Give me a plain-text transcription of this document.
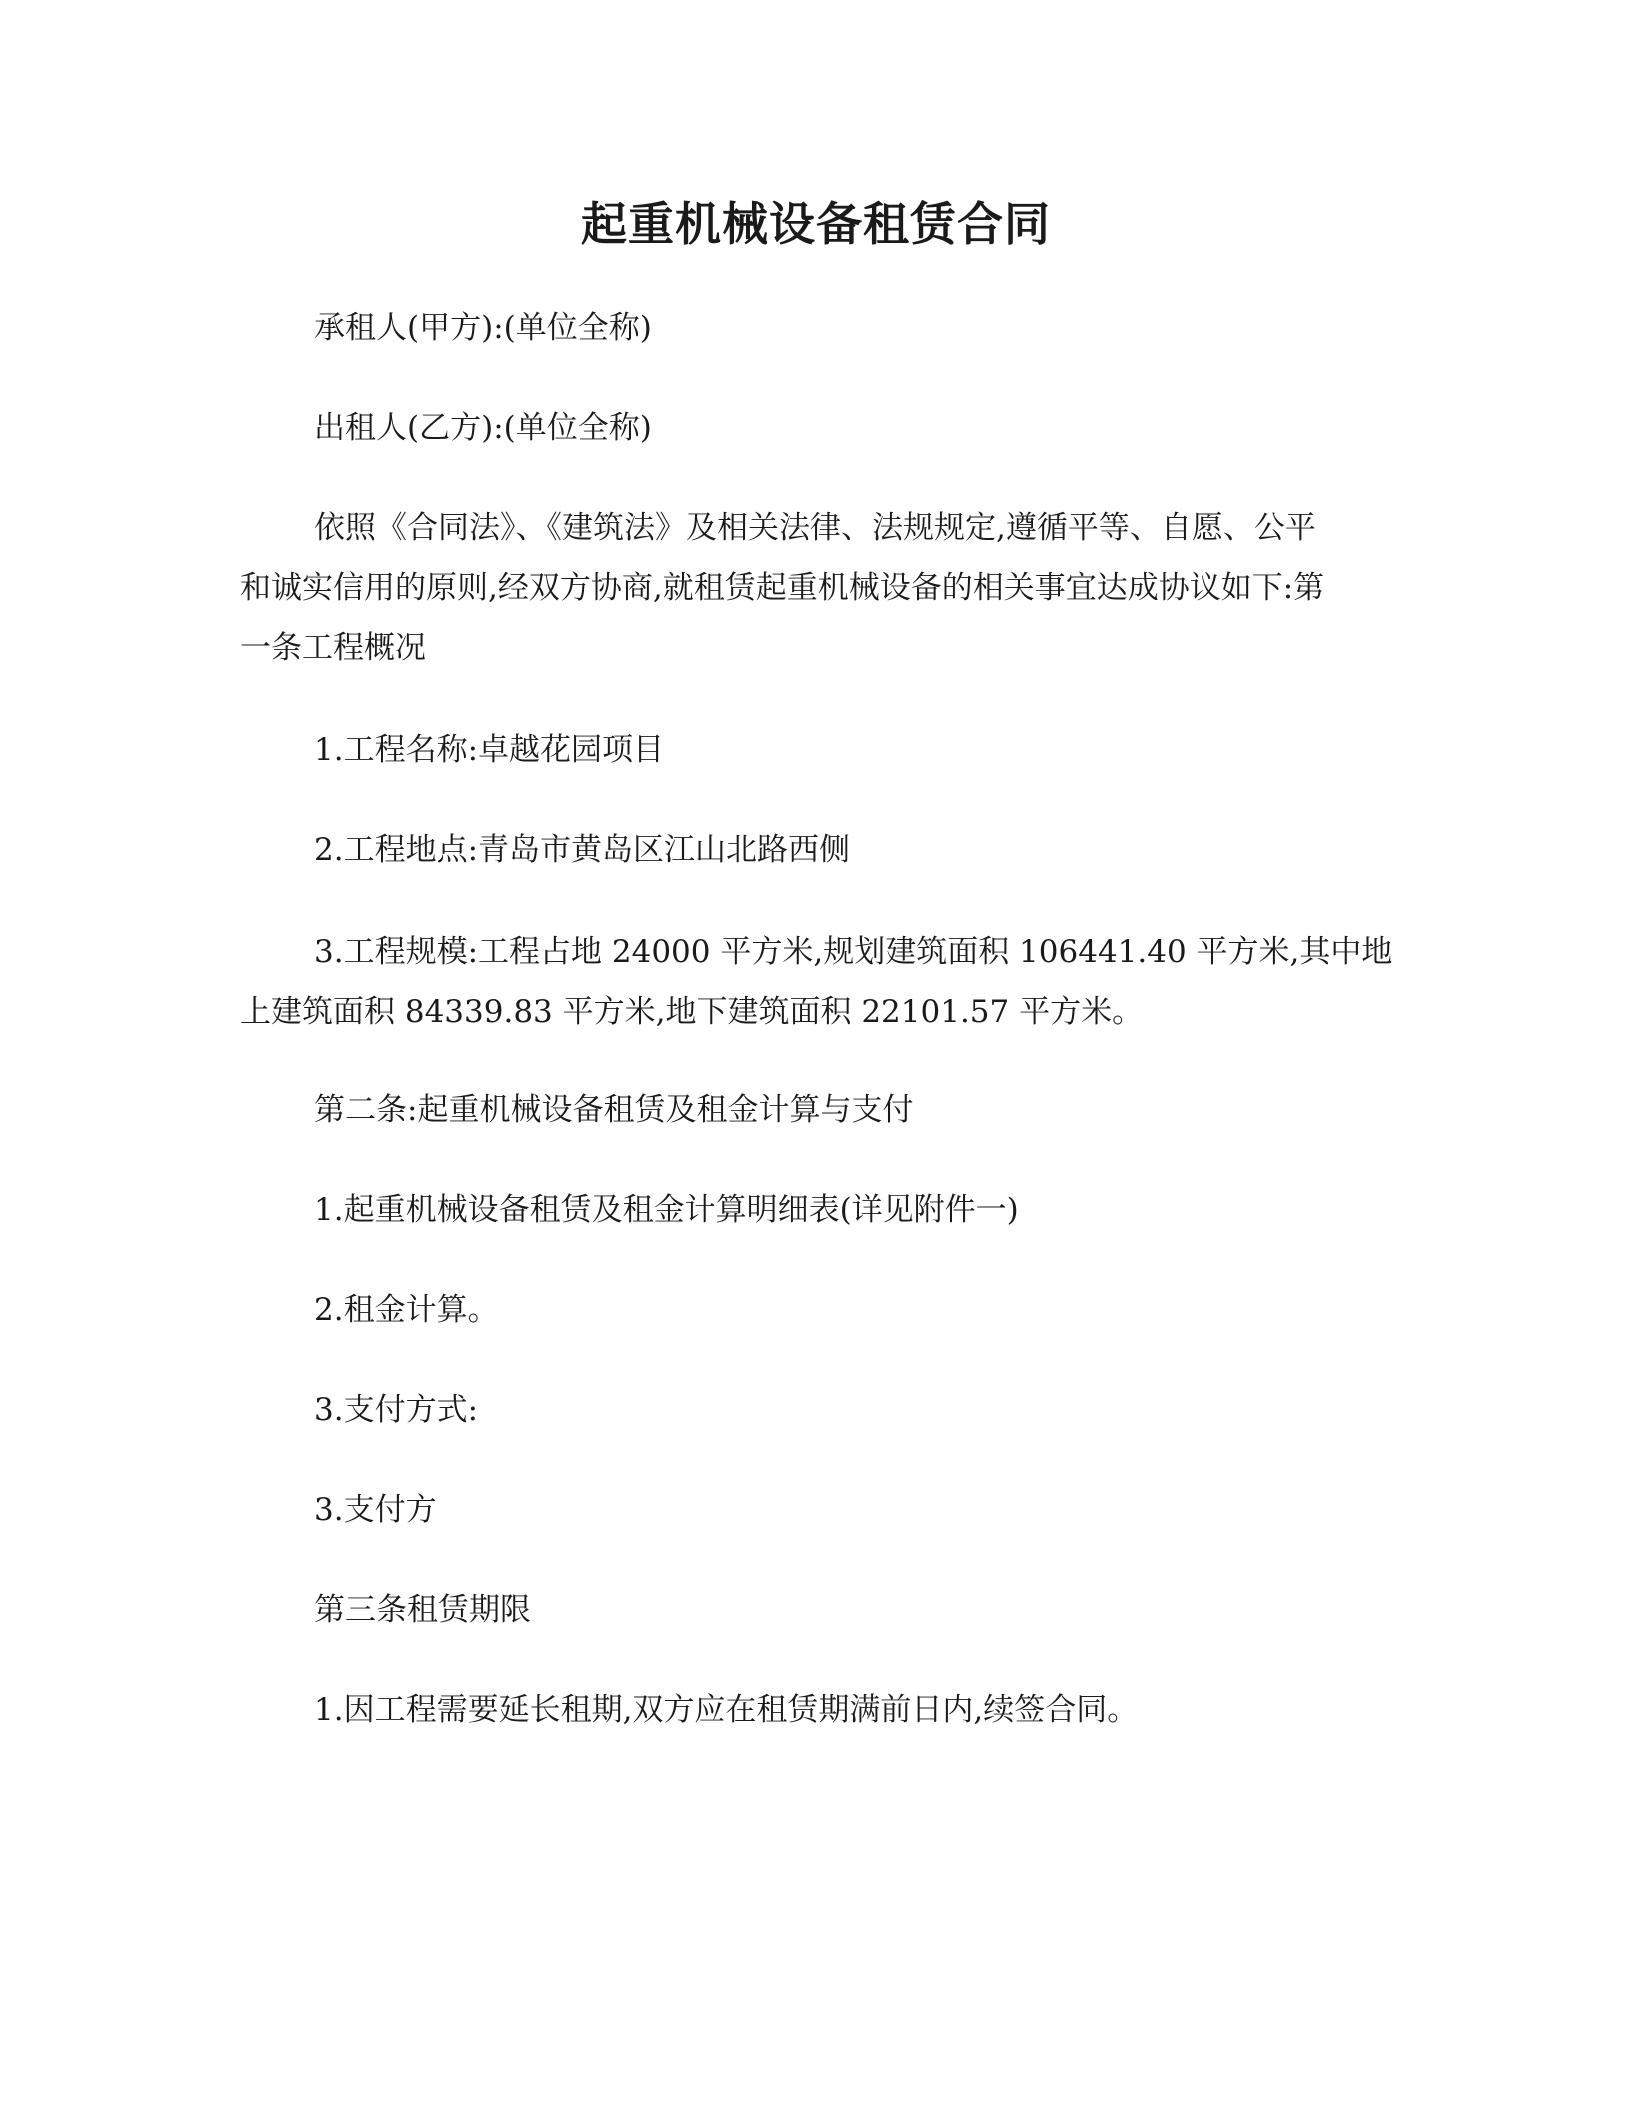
起重机械设备租赁合同

承租人(甲方):(单位全称)

出租人(乙方):(单位全称)

依照《合同法》、《建筑法》及相关法律、法规规定,遵循平等、自愿、公平
和诚实信用的原则,经双方协商,就租赁起重机械设备的相关事宜达成协议如下:第
一条工程概况

1.工程名称:卓越花园项目

2.工程地点:青岛市黄岛区江山北路西侧

3.工程规模:工程占地 24000 平方米,规划建筑面积 106441.40 平方米,其中地
上建筑面积 84339.83 平方米,地下建筑面积 22101.57 平方米。

第二条:起重机械设备租赁及租金计算与支付

1.起重机械设备租赁及租金计算明细表(详见附件一)

2.租金计算。

3.支付方式:

3.支付方

第三条租赁期限

1.因工程需要延长租期,双方应在租赁期满前日内,续签合同。
